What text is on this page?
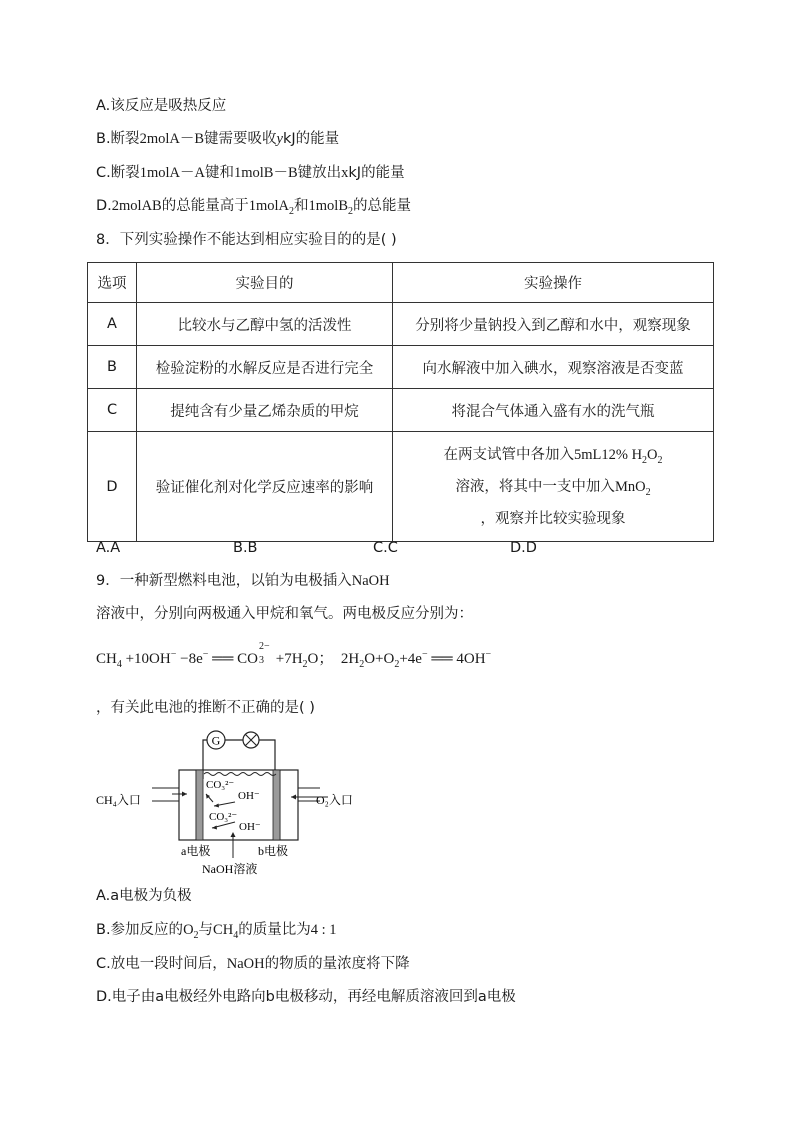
A.该反应是吸热反应
B.断裂2molA－B键需要吸收ykJ的能量
C.断裂1molA－A键和1molB－B键放出xkJ的能量
D.2molAB的总能量高于1molA$_2$和1molB$_2$的总能量
8．下列实验操作不能达到相应实验目的的是( )
选项	实验目的	实验操作
A	比较水与乙醇中氢的活泼性	分别将少量钠投入到乙醇和水中，观察现象
B	检验淀粉的水解反应是否进行完全	向水解液中加入碘水，观察溶液是否变蓝
C	提纯含有少量乙烯杂质的甲烷	将混合气体通入盛有水的洗气瓶
D	验证催化剂对化学反应速率的影响	在两支试管中各加入5mL12% $H_2O_2$
溶液，将其中一支中加入MnO$_2$
，观察并比较实验现象
A.A	B.B	C.C	D.D
9．一种新型燃料电池，以铂为电极插入NaOH
溶液中，分别向两极通入甲烷和氧气。两电极反应分别为：
$CH_4 +10OH^- -8e^-$ ══ CO
2−
$3 +7H_2O$； $2H_2O+O_2+4e^-$ ══ 4OH−
，有关此电池的推断不正确的是( )
G
CH₄入口	O₂入口
CO₃²⁻
OH⁻
CO₃²⁻
OH⁻
a电极	b电极
NaOH溶液
A.a电极为负极
B.参加反应的$O_2$与$CH_4$的质量比为4 : 1
C.放电一段时间后，NaOH的物质的量浓度将下降
D.电子由a电极经外电路向b电极移动，再经电解质溶液回到a电极
